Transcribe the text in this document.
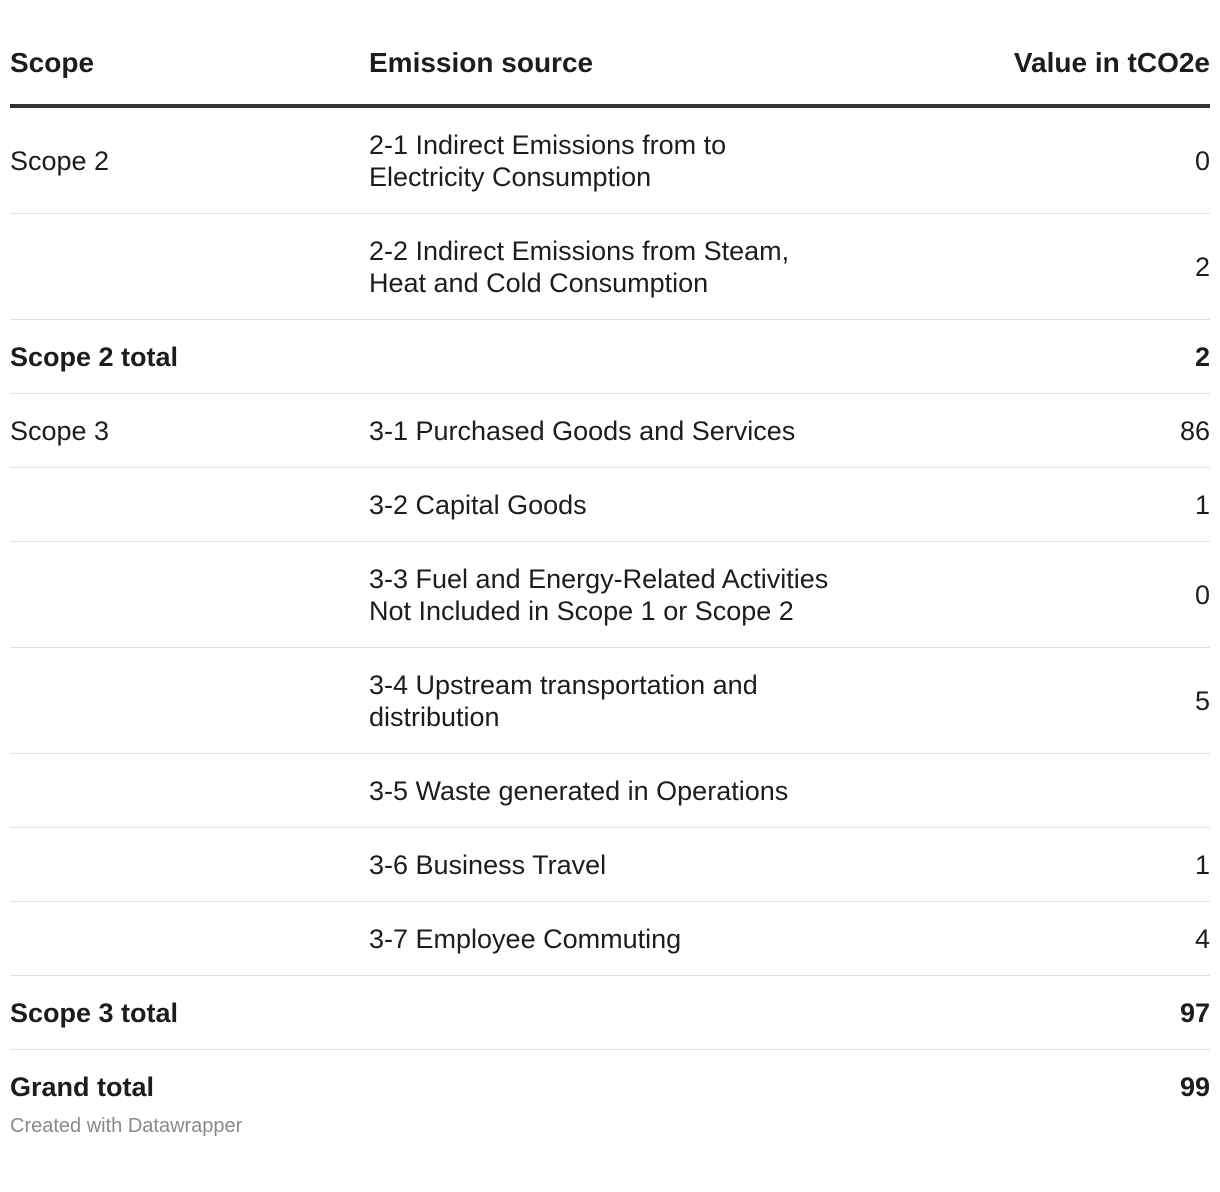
Scope	Emission source	Value in tCO2e
Scope 2	2-1 Indirect Emissions from to Electricity Consumption	0
	2-2 Indirect Emissions from Steam, Heat and Cold Consumption	2
Scope 2 total		2
Scope 3	3-1 Purchased Goods and Services	86
	3-2 Capital Goods	1
	3-3 Fuel and Energy-Related Activities Not Included in Scope 1 or Scope 2	0
	3-4 Upstream transportation and distribution	5
	3-5 Waste generated in Operations	
	3-6 Business Travel	1
	3-7 Employee Commuting	4
Scope 3 total		97
Grand total		99
Created with Datawrapper
